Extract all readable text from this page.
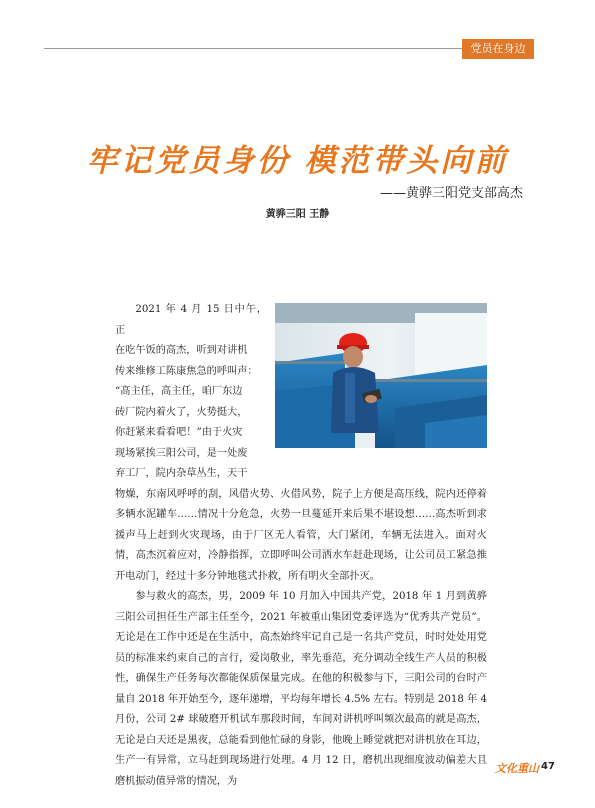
党员在身边
牢记党员身份 模范带头向前
——黄骅三阳党支部高杰
黄骅三阳 王静
2021 年 4 月 15 日中午，正
在吃午饭的高杰，听到对讲机
传来维修工陈康焦急的呼叫声：
“高主任，高主任，咱厂东边
砖厂院内着火了，火势挺大，
你赶紧来看看吧！”由于火灾
现场紧挨三阳公司，是一处废
弃工厂，院内杂草丛生，天干
物燥，东南风呼呼的刮，风借火势、火借风势，院子上方便是高压线，院内还停着多辆水泥罐车……情况十分危急，火势一旦蔓延开来后果不堪设想……高杰听到求援声马上赶到火灾现场，由于厂区无人看管，大门紧闭，车辆无法进入。面对火情，高杰沉着应对，冷静指挥，立即呼叫公司洒水车赶赴现场，让公司员工紧急推开电动门，经过十多分钟地毯式扑救，所有明火全部扑灭。

参与救火的高杰，男，2009 年 10 月加入中国共产党，2018 年 1 月到黄骅三阳公司担任生产部主任至今，2021 年被重山集团党委评选为“优秀共产党员”。无论是在工作中还是在生活中，高杰始终牢记自己是一名共产党员，时时处处用党员的标准来约束自己的言行，爱岗敬业，率先垂范，充分调动全线生产人员的积极性，确保生产任务每次都能保质保量完成。在他的积极参与下，三阳公司的台时产量自 2018 年开始至今，逐年递增，平均每年增长 4.5% 左右。特别是 2018 年 4 月份，公司 2# 球破磨开机试车那段时间，车间对讲机呼叫频次最高的就是高杰，无论是白天还是黑夜，总能看到他忙碌的身影，他晚上睡觉就把对讲机放在耳边，生产一有异常，立马赶到现场进行处理。4 月 12 日，磨机出现细度波动偏差大且磨机振动值异常的情况，为

文化重山 47
